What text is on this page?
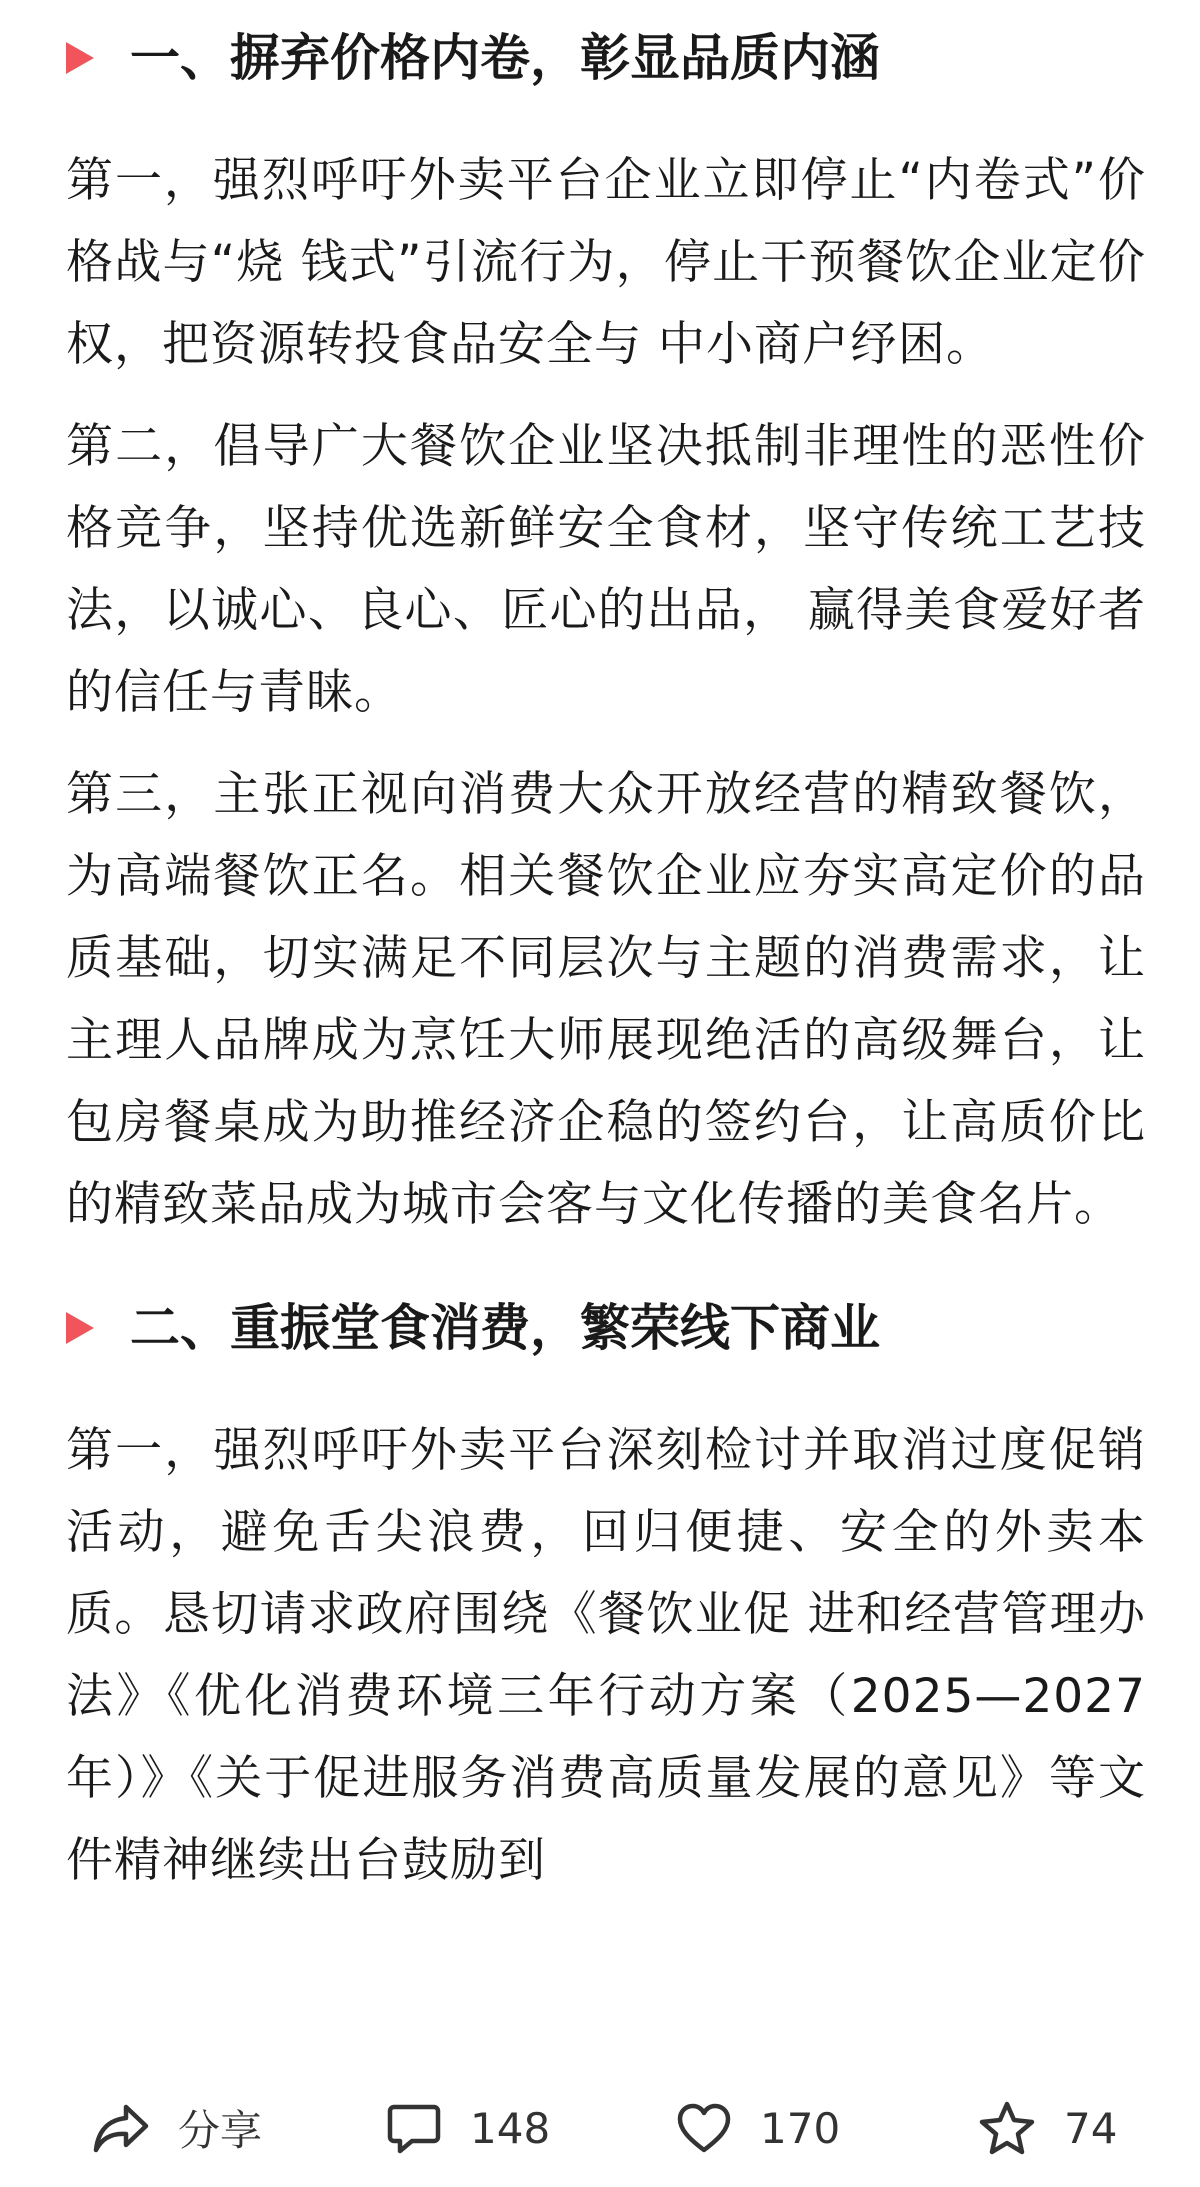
一、摒弃价格内卷，彰显品质内涵

第一，强烈呼吁外卖平台企业立即停止“内卷式”价格战与“烧 钱式”引流行为，停止干预餐饮企业定价权，把资源转投食品安全与 中小商户纾困。

第二，倡导广大餐饮企业坚决抵制非理性的恶性价格竞争，坚持优选新鲜安全食材，坚守传统工艺技法，以诚心、良心、匠心的出品， 赢得美食爱好者的信任与青睐。

第三，主张正视向消费大众开放经营的精致餐饮，为高端餐饮正名。相关餐饮企业应夯实高定价的品质基础，切实满足不同层次与主题的消费需求，让主理人品牌成为烹饪大师展现绝活的高级舞台，让包房餐桌成为助推经济企稳的签约台，让高质价比的精致菜品成为城市会客与文化传播的美食名片。

二、重振堂食消费，繁荣线下商业

第一，强烈呼吁外卖平台深刻检讨并取消过度促销活动，避免舌尖浪费，回归便捷、安全的外卖本质。恳切请求政府围绕《餐饮业促 进和经营管理办法》《优化消费环境三年行动方案（2025—2027 年）》《关于促进服务消费高质量发展的意见》等文件精神继续出台鼓励到

分享	148	170	74
